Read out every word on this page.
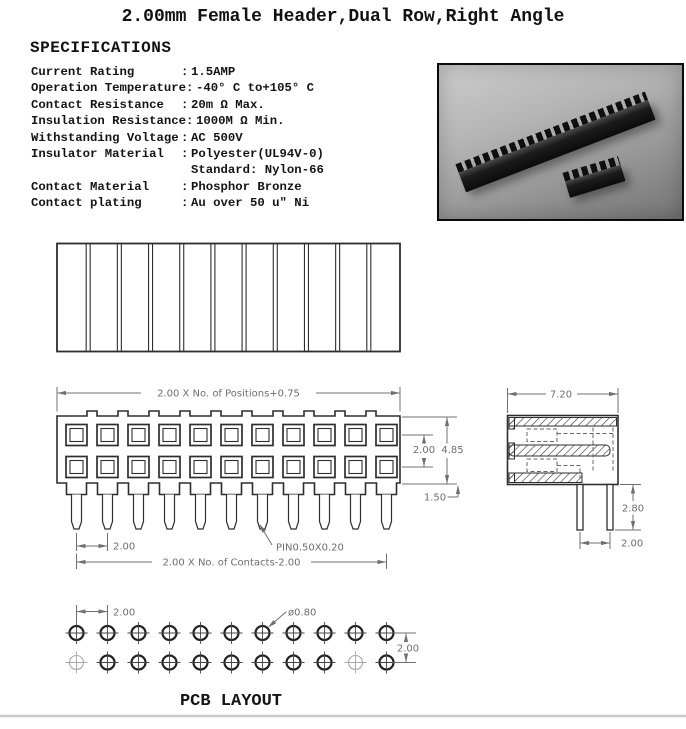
2.00mm Female Header,Dual Row,Right Angle
SPECIFICATIONS
Current Rating	: 1.5AMP
Operation Temperature : -40° C to+105° C
Contact Resistance	: 20m Ω Max.
Insulation Resistance : 1000M Ω Min.
Withstanding Voltage : AC 500V
Insulator Material	: Polyester(UL94V-0)
Standard: Nylon-66
Contact Material	: Phosphor Bronze
Contact plating	: Au over 50 u" Ni
2.00 X No. of Positions+0.75
2.00 4.85
1.50
2.00	PIN0.50X0.20
2.00 X No. of Contacts-2.00
7.20
2.80
2.00
2.00	ø0.80
2.00
PCB LAYOUT
